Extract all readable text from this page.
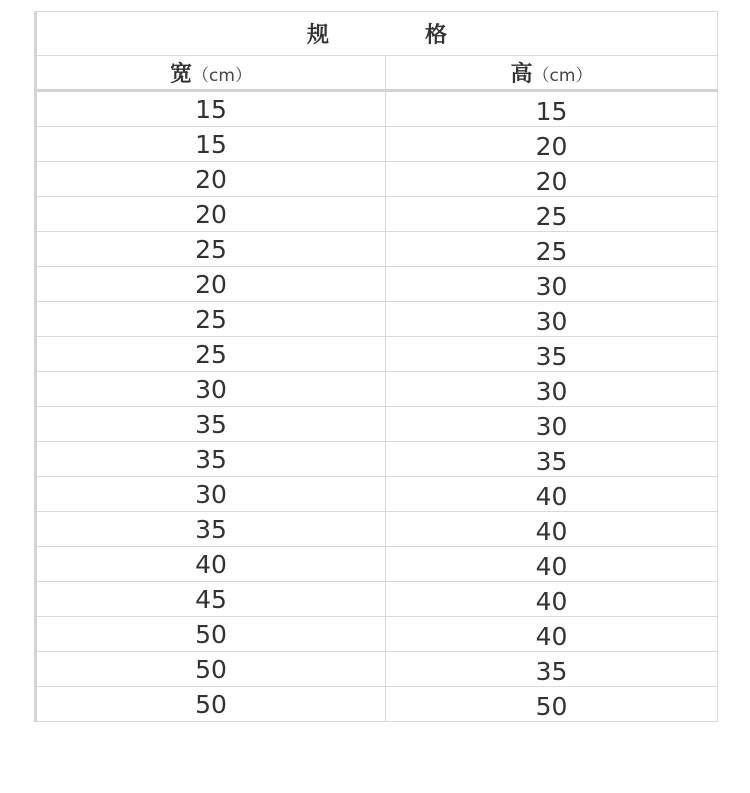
规 格	
宽（cm）	高（cm）
15	15
15	20
20	20
20	25
25	25
20	30
25	30
25	35
30	30
35	30
35	35
30	40
35	40
40	40
45	40
50	40
50	35
50	50
